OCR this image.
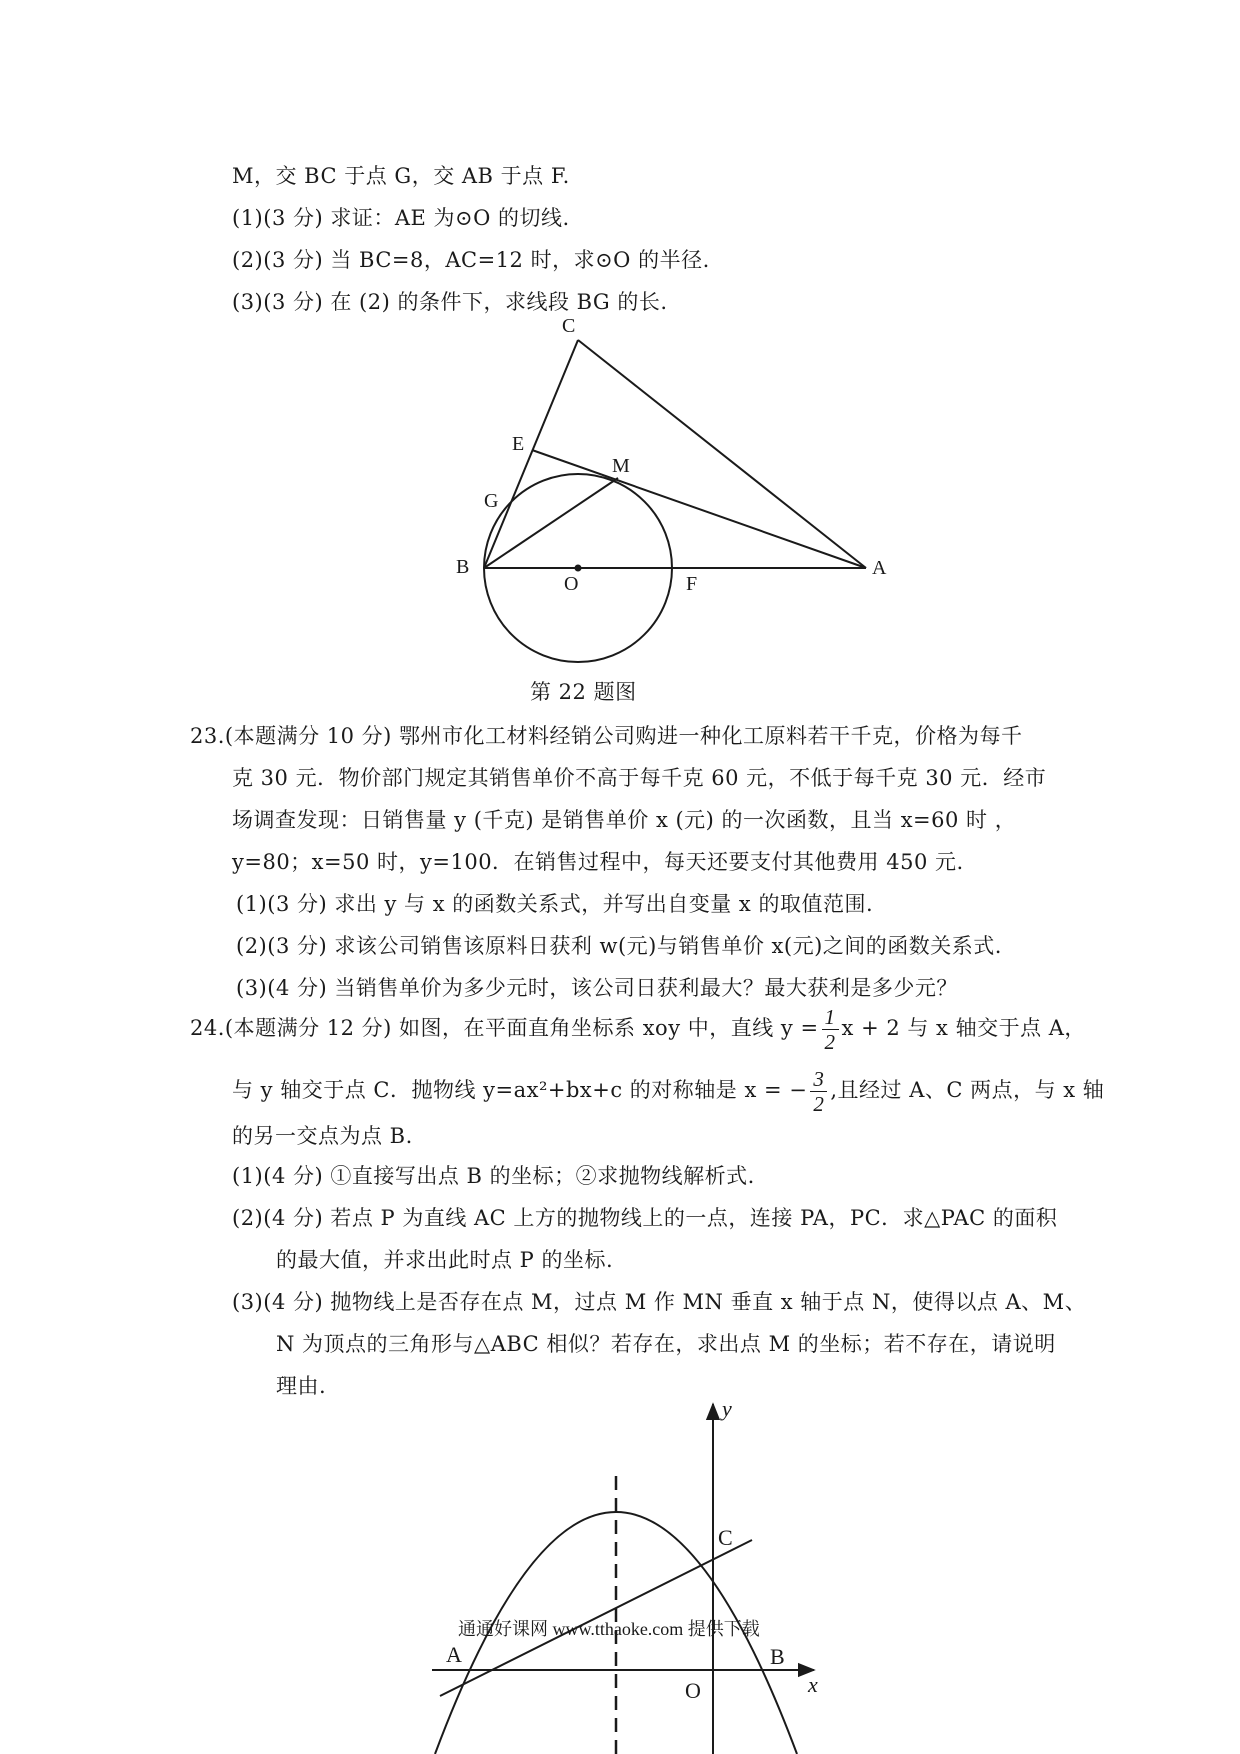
M，交 BC 于点 G，交 AB 于点 F.
(1)(3 分) 求证：AE 为⊙O 的切线.
(2)(3 分) 当 BC=8，AC=12 时，求⊙O 的半径.
(3)(3 分) 在 (2) 的条件下，求线段 BG 的长.
C
E
M
G
B
O	F
A
第 22 题图
23.(本题满分 10 分) 鄂州市化工材料经销公司购进一种化工原料若干千克，价格为每千
克 30 元．物价部门规定其销售单价不高于每千克 60 元，不低于每千克 30 元．经市
场调查发现：日销售量 y (千克) 是销售单价 x (元) 的一次函数，且当 x=60 时 ，
y=80；x=50 时，y=100．在销售过程中，每天还要支付其他费用 450 元.
(1)(3 分) 求出 y 与 x 的函数关系式，并写出自变量 x 的取值范围.
(2)(3 分) 求该公司销售该原料日获利 w(元)与销售单价 x(元)之间的函数关系式.
(3)(4 分) 当销售单价为多少元时，该公司日获利最大？最大获利是多少元？
24.(本题满分 12 分) 如图，在平面直角坐标系 xoy 中，直线 $y = \frac{1}{2}$ x + 2 与 x 轴交于点 A，
与 y 轴交于点 C．抛物线 y=ax²+bx+c 的对称轴是 x = − $\frac{3}{2}$ ,且经过 A、C 两点，与 x 轴
的另一交点为点 B.
(1)(4 分) ①直接写出点 B 的坐标；②求抛物线解析式.
(2)(4 分) 若点 P 为直线 AC 上方的抛物线上的一点，连接 PA，PC．求△PAC 的面积
的最大值，并求出此时点 P 的坐标.
(3)(4 分) 抛物线上是否存在点 M，过点 M 作 MN 垂直 x 轴于点 N，使得以点 A、M、
N 为顶点的三角形与△ABC 相似？若存在，求出点 M 的坐标；若不存在，请说明
理由.
y
x
C
A	B
O
通通好课网 www.tthaoke.com 提供下载
